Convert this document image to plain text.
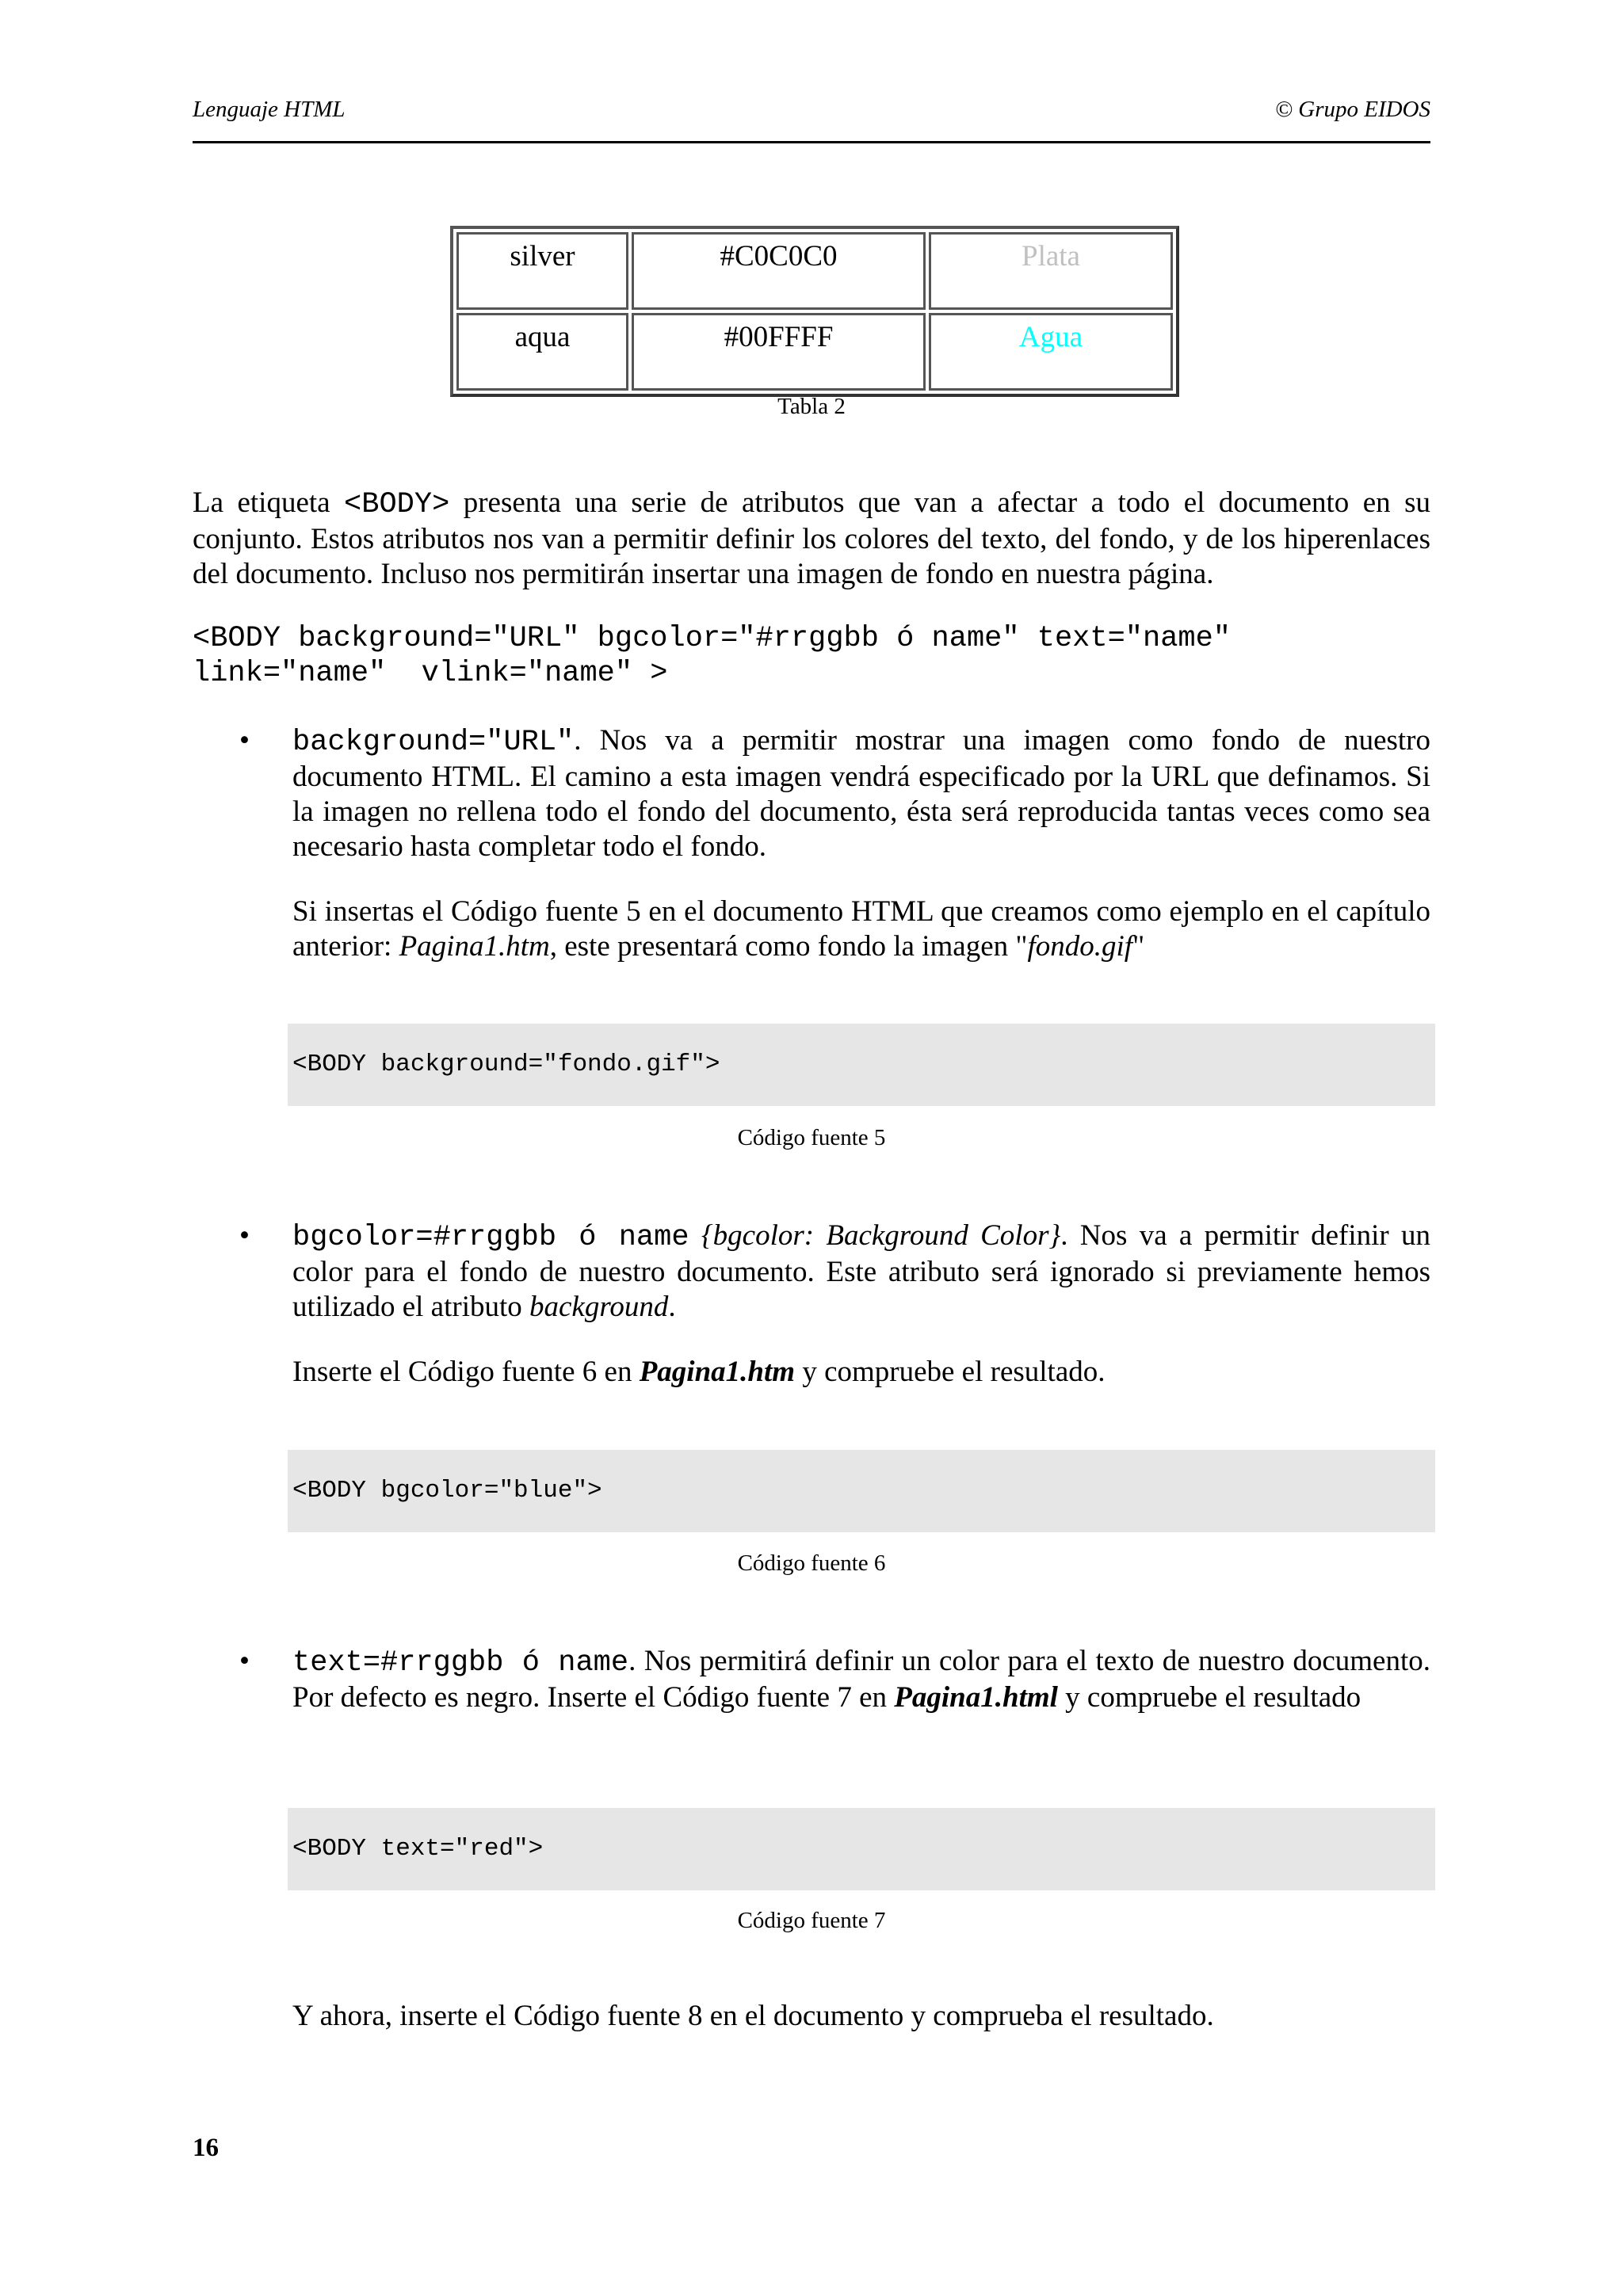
Lenguaje HTML	© Grupo EIDOS
silver	#C0C0C0	Plata
aqua	#00FFFF	Agua
Tabla 2
La etiqueta <BODY> presenta una serie de atributos que van a afectar a todo el documento en su conjunto. Estos atributos nos van a permitir definir los colores del texto, del fondo, y de los hiperenlaces del documento. Incluso nos permitirán insertar una imagen de fondo en nuestra página.
<BODY background="URL" bgcolor="#rrggbb ó name" text="name"
link="name"  vlink="name" >
• background="URL". Nos va a permitir mostrar una imagen como fondo de nuestro documento HTML. El camino a esta imagen vendrá especificado por la URL que definamos. Si la imagen no rellena todo el fondo del documento, ésta será reproducida tantas veces como sea necesario hasta completar todo el fondo.
Si insertas el Código fuente 5 en el documento HTML que creamos como ejemplo en el capítulo anterior: Pagina1.htm, este presentará como fondo la imagen "fondo.gif"
<BODY background="fondo.gif">
Código fuente 5
• bgcolor=#rrggbb ó name {bgcolor: Background Color}. Nos va a permitir definir un color para el fondo de nuestro documento. Este atributo será ignorado si previamente hemos utilizado el atributo background.
Inserte el Código fuente 6 en Pagina1.htm y compruebe el resultado.
<BODY bgcolor="blue">
Código fuente 6
• text=#rrggbb ó name. Nos permitirá definir un color para el texto de nuestro documento. Por defecto es negro. Inserte el Código fuente 7 en Pagina1.html y compruebe el resultado
<BODY text="red">
Código fuente 7
Y ahora, inserte el Código fuente 8 en el documento y comprueba el resultado.
16
